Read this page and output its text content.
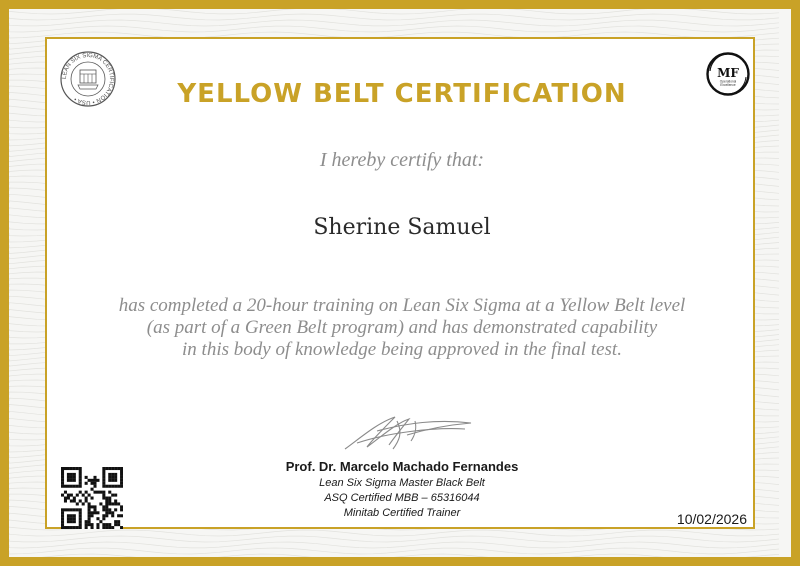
LEAN SIX SIGMA CERTIFICATION • USA •
MF
Operational
Excellence
YELLOW BELT CERTIFICATION

I hereby certify that:

Sherine Samuel

has completed a 20-hour training on Lean Six Sigma at a Yellow Belt level
(as part of a Green Belt program) and has demonstrated capability
in this body of knowledge being approved in the final test.

Prof. Dr. Marcelo Machado Fernandes

Lean Six Sigma Master Black Belt
ASQ Certified MBB – 65316044
Minitab Certified Trainer	10/02/2026
